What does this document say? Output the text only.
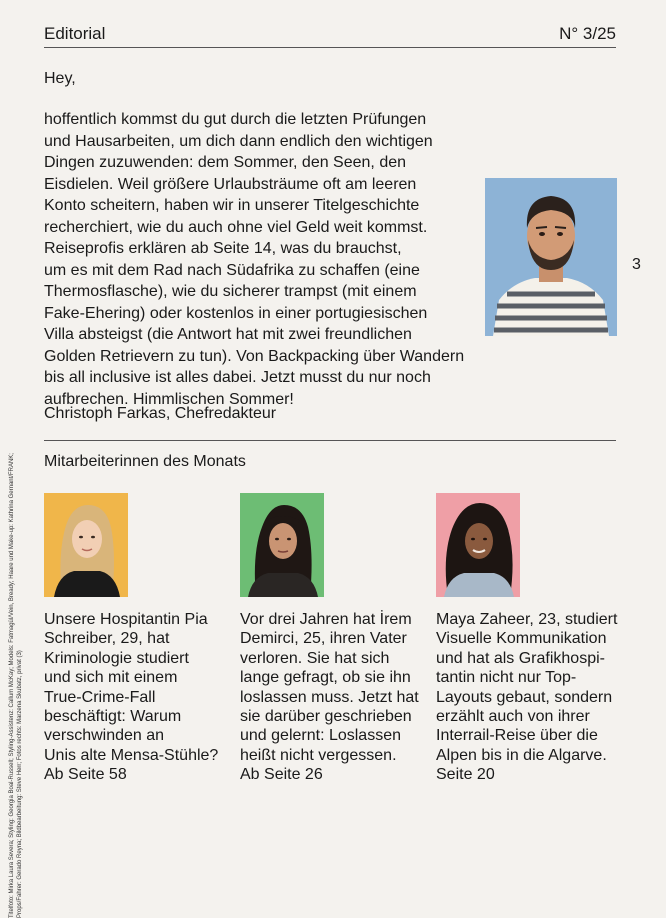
Editorial	N° 3/25
Hey,
hoffentlich kommst du gut durch die letzten Prüfungen
und Hausarbeiten, um dich dann endlich den wichtigen
Dingen zuzuwenden: dem Sommer, den Seen, den
Eisdielen. Weil größere Urlaubsträume oft am leeren
Konto scheitern, haben wir in unserer Titelgeschichte
recherchiert, wie du auch ohne viel Geld weit kommst.
Reiseprofis erklären ab Seite 14, was du brauchst,
um es mit dem Rad nach Südafrika zu schaffen (eine
Thermosflasche), wie du sicherer trampst (mit einem
Fake-Ehering) oder kostenlos in einer portugiesischen
Villa absteigst (die Antwort hat mit zwei freundlichen
Golden Retrievern zu tun). Von Backpacking über Wandern
bis all inclusive ist alles dabei. Jetzt musst du nur noch
aufbrechen. Himmlischen Sommer!
Christoph Farkas, Chefredakteur
3
Titelfoto: Mirka Laura Severa; Styling: Georgia Boal-Russell; Styling-Assistenz: Callum McKay; Models: Fatmagül/Vein, Bready; Haare und Make-up: Kathrina Gernant/FRANK; Props/Fahrer: Gerado Reyna; Bildbearbeitung: Steve Herr; Fotos rechts: Marzena Skubatz, privat (3)
Mitarbeiterinnen des Monats
Unsere Hospitantin Pia
Schreiber, 29, hat
Kriminologie studiert
und sich mit einem
True-Crime-Fall
beschäftigt: Warum
verschwinden an
Unis alte Mensa-Stühle?
Ab Seite 58
Vor drei Jahren hat İrem
Demirci, 25, ihren Vater
verloren. Sie hat sich
lange gefragt, ob sie ihn
loslassen muss. Jetzt hat
sie darüber geschrieben
und gelernt: Loslassen
heißt nicht vergessen.
Ab Seite 26
Maya Zaheer, 23, studiert
Visuelle Kommunikation
und hat als Grafikhospi-
tantin nicht nur Top-
Layouts gebaut, sondern
erzählt auch von ihrer
Interrail-Reise über die
Alpen bis in die Algarve.
Seite 20
